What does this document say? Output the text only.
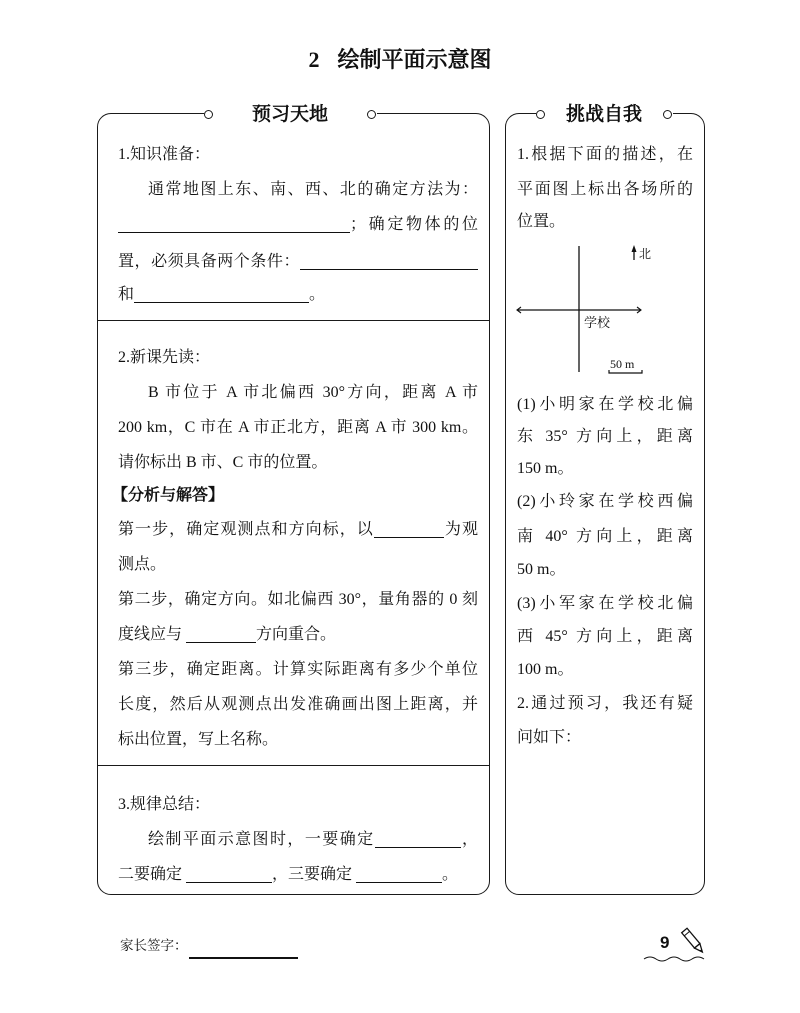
2 绘制平面示意图
预习天地
1.知识准备：
通常地图上东、南、西、北的确定方法为：
；确定物体的位
置，必须具备两个条件：
和	。
2.新课先读：
B 市位于 A 市北偏西 30°方向，距离 A 市
200 km，C 市在 A 市正北方，距离 A 市 300 km。
请你标出 B 市、C 市的位置。
【分析与解答】
第一步，确定观测点和方向标，以	为观
测点。
第二步，确定方向。如北偏西 30°，量角器的 0 刻
度线应与	方向重合。
第三步，确定距离。计算实际距离有多少个单位
长度，然后从观测点出发准确画出图上距离，并
标出位置，写上名称。
3.规律总结：
绘制平面示意图时，一要确定	，
二要确定	，三要确定	。
挑战自我
1.根据下面的描述，在
平面图上标出各场所的
位置。
北
学校
50 m
(1)小明家在学校北偏
东 35° 方向上，距离
150 m。
(2)小玲家在学校西偏
南 40° 方向上，距离
50 m。
(3)小军家在学校北偏
西 45° 方向上，距离
100 m。
2.通过预习，我还有疑
问如下：
家长签字：	9
